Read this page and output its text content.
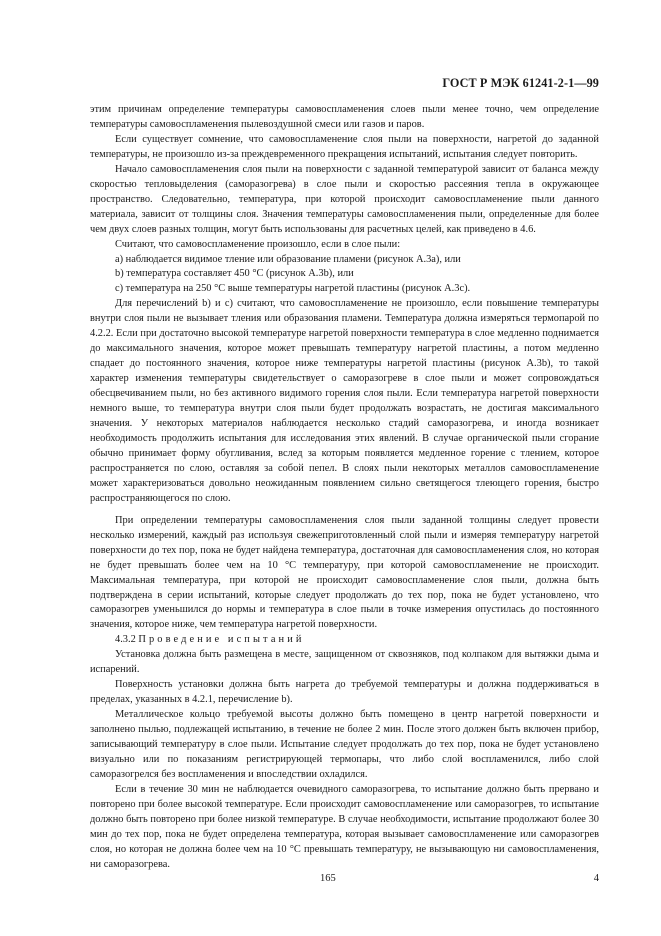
ГОСТ Р МЭК 61241-2-1—99

этим причинам определение температуры самовоспламенения слоев пыли менее точно, чем определение температуры самовоспламенения пылевоздушной смеси или газов и паров.

Если существует сомнение, что самовоспламенение слоя пыли на поверхности, нагретой до заданной температуры, не произошло из-за преждевременного прекращения испытаний, испытания следует повторить.

Начало самовоспламенения слоя пыли на поверхности с заданной температурой зависит от баланса между скоростью тепловыделения (саморазогрева) в слое пыли и скоростью рассеяния тепла в окружающее пространство. Следовательно, температура, при которой происходит самовоспламенение пыли данного материала, зависит от толщины слоя. Значения температуры самовоспламенения пыли, определенные для более чем двух слоев разных толщин, могут быть использованы для расчетных целей, как приведено в 4.6.

Считают, что самовоспламенение произошло, если в слое пыли:

а) наблюдается видимое тление или образование пламени (рисунок А.3а), или

b) температура составляет 450 °С (рисунок А.3b), или

с) температура на 250 °С выше температуры нагретой пластины (рисунок А.3с).

Для перечислений b) и с) считают, что самовоспламенение не произошло, если повышение температуры внутри слоя пыли не вызывает тления или образования пламени. Температура должна измеряться термопарой по 4.2.2. Если при достаточно высокой температуре нагретой поверхности температура в слое медленно поднимается до максимального значения, которое может превышать температуру нагретой пластины, а потом медленно спадает до постоянного значения, которое ниже температуры нагретой пластины (рисунок А.3b), то такой характер изменения температуры свидетельствует о саморазогреве в слое пыли и может сопровождаться обесцвечиванием пыли, но без активного видимого горения слоя пыли. Если температура нагретой поверхности немного выше, то температура внутри слоя пыли будет продолжать возрастать, не достигая максимального значения. У некоторых материалов наблюдается несколько стадий саморазогрева, и иногда возникает необходимость продолжить испытания для исследования этих явлений. В случае органической пыли сгорание обычно принимает форму обугливания, вслед за которым появляется медленное горение с тлением, которое распространяется по слою, оставляя за собой пепел. В слоях пыли некоторых металлов самовоспламенение может характеризоваться довольно неожиданным появлением сильно светящегося тлеющего горения, быстро распространяющегося по слою.

При определении температуры самовоспламенения слоя пыли заданной толщины следует провести несколько измерений, каждый раз используя свежеприготовленный слой пыли и измеряя температуру нагретой поверхности до тех пор, пока не будет найдена температура, достаточная для самовоспламенения слоя, но которая не будет превышать более чем на 10 °С температуру, при которой самовоспламенение не происходит. Максимальная температура, при которой не происходит самовоспламенение слоя пыли, должна быть подтверждена в серии испытаний, которые следует продолжать до тех пор, пока не будет установлено, что саморазогрев уменьшился до нормы и температура в слое пыли в точке измерения опустилась до постоянного значения, которое ниже, чем температура нагретой поверхности.

4.3.2 Проведение испытаний

Установка должна быть размещена в месте, защищенном от сквозняков, под колпаком для вытяжки дыма и испарений.

Поверхность установки должна быть нагрета до требуемой температуры и должна поддерживаться в пределах, указанных в 4.2.1, перечисление b).

Металлическое кольцо требуемой высоты должно быть помещено в центр нагретой поверхности и заполнено пылью, подлежащей испытанию, в течение не более 2 мин. После этого должен быть включен прибор, записывающий температуру в слое пыли. Испытание следует продолжать до тех пор, пока не будет установлено визуально или по показаниям регистрирующей термопары, что либо слой воспламенился, либо слой саморазогрелся без воспламенения и впоследствии охладился.

Если в течение 30 мин не наблюдается очевидного саморазогрева, то испытание должно быть прервано и повторено при более высокой температуре. Если происходит самовоспламенение или саморазогрев, то испытание должно быть повторено при более низкой температуре. В случае необходимости, испытание продолжают более 30 мин до тех пор, пока не будет определена температура, которая вызывает самовоспламенение или саморазогрев слоя, но которая не должна более чем на 10 °С превышать температуру, не вызывающую ни самовоспламенения, ни саморазогрева.

165	4
